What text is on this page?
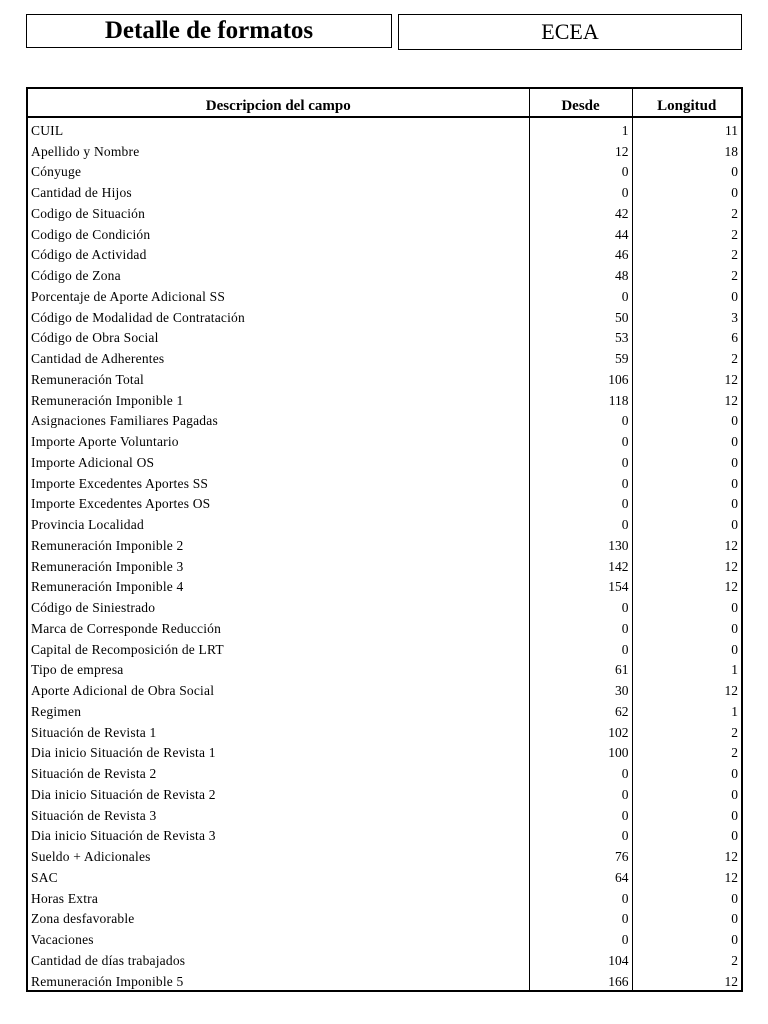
Detalle de formatos	ECEA
Descripcion del campo	Desde	Longitud
CUIL	1	11
Apellido y Nombre	12	18
Cónyuge	0	0
Cantidad de Hijos	0	0
Codigo de Situación	42	2
Codigo de Condición	44	2
Código de Actividad	46	2
Código de Zona	48	2
Porcentaje de Aporte Adicional SS	0	0
Código de Modalidad de Contratación	50	3
Código de Obra Social	53	6
Cantidad de Adherentes	59	2
Remuneración Total	106	12
Remuneración Imponible 1	118	12
Asignaciones Familiares Pagadas	0	0
Importe Aporte Voluntario	0	0
Importe Adicional OS	0	0
Importe Excedentes Aportes SS	0	0
Importe Excedentes Aportes OS	0	0
Provincia Localidad	0	0
Remuneración Imponible 2	130	12
Remuneración Imponible 3	142	12
Remuneración Imponible 4	154	12
Código de Siniestrado	0	0
Marca de Corresponde Reducción	0	0
Capital de Recomposición de LRT	0	0
Tipo de empresa	61	1
Aporte Adicional de Obra Social	30	12
Regimen	62	1
Situación de Revista 1	102	2
Dia inicio Situación de Revista 1	100	2
Situación de Revista 2	0	0
Dia inicio Situación de Revista 2	0	0
Situación de Revista 3	0	0
Dia inicio Situación de Revista 3	0	0
Sueldo + Adicionales	76	12
SAC	64	12
Horas Extra	0	0
Zona desfavorable	0	0
Vacaciones	0	0
Cantidad de días trabajados	104	2
Remuneración Imponible 5	166	12
